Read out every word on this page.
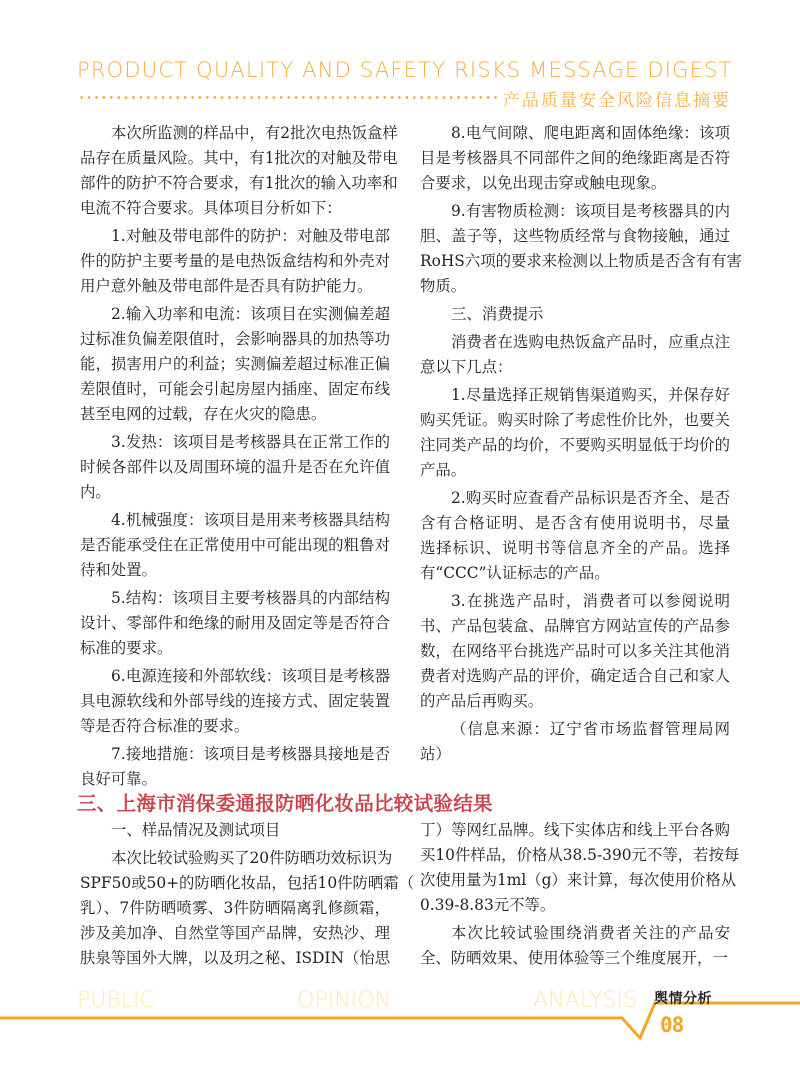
PRODUCT QUALITY AND SAFETY RISKS MESSAGE DIGEST
产品质量安全风险信息摘要
本次所监测的样品中，有2批次电热饭盒样
品存在质量风险。其中，有1批次的对触及带电
部件的防护不符合要求，有1批次的输入功率和
电流不符合要求。具体项目分析如下：
1.对触及带电部件的防护：对触及带电部
件的防护主要考量的是电热饭盒结构和外壳对
用户意外触及带电部件是否具有防护能力。
2.输入功率和电流：该项目在实测偏差超
过标准负偏差限值时，会影响器具的加热等功
能，损害用户的利益；实测偏差超过标准正偏
差限值时，可能会引起房屋内插座、固定布线
甚至电网的过载，存在火灾的隐患。
3.发热：该项目是考核器具在正常工作的
时候各部件以及周围环境的温升是否在允许值
内。
4.机械强度：该项目是用来考核器具结构
是否能承受住在正常使用中可能出现的粗鲁对
待和处置。
5.结构：该项目主要考核器具的内部结构
设计、零部件和绝缘的耐用及固定等是否符合
标准的要求。
6.电源连接和外部软线：该项目是考核器
具电源软线和外部导线的连接方式、固定装置
等是否符合标准的要求。
7.接地措施：该项目是考核器具接地是否
良好可靠。
8.电气间隙、爬电距离和固体绝缘：该项
目是考核器具不同部件之间的绝缘距离是否符
合要求，以免出现击穿或触电现象。
9.有害物质检测：该项目是考核器具的内
胆、盖子等，这些物质经常与食物接触，通过
RoHS六项的要求来检测以上物质是否含有有害
物质。
三、消费提示
消费者在选购电热饭盒产品时，应重点注
意以下几点：
1.尽量选择正规销售渠道购买，并保存好
购买凭证。购买时除了考虑性价比外，也要关
注同类产品的均价，不要购买明显低于均价的
产品。
2.购买时应查看产品标识是否齐全、是否
含有合格证明、是否含有使用说明书，尽量
选择标识、说明书等信息齐全的产品。选择
有“CCC”认证标志的产品。
3.在挑选产品时，消费者可以参阅说明
书、产品包装盒、品牌官方网站宣传的产品参
数，在网络平台挑选产品时可以多关注其他消
费者对选购产品的评价，确定适合自己和家人
的产品后再购买。
（信息来源：辽宁省市场监督管理局网
站）
三、上海市消保委通报防晒化妆品比较试验结果
一、样品情况及测试项目
本次比较试验购买了20件防晒功效标识为
SPF50或50+的防晒化妆品，包括10件防晒霜（
乳）、7件防晒喷雾、3件防晒隔离乳修颜霜，
涉及美加净、自然堂等国产品牌，安热沙、理
肤泉等国外大牌，以及玥之秘、ISDIN（怡思
丁）等网红品牌。线下实体店和线上平台各购
买10件样品，价格从38.5-390元不等，若按每
次使用量为1ml（g）来计算，每次使用价格从
0.39-8.83元不等。
本次比较试验围绕消费者关注的产品安
全、防晒效果、使用体验等三个维度展开，一
PUBLIC OPINION ANALYSIS 舆情分析
08
